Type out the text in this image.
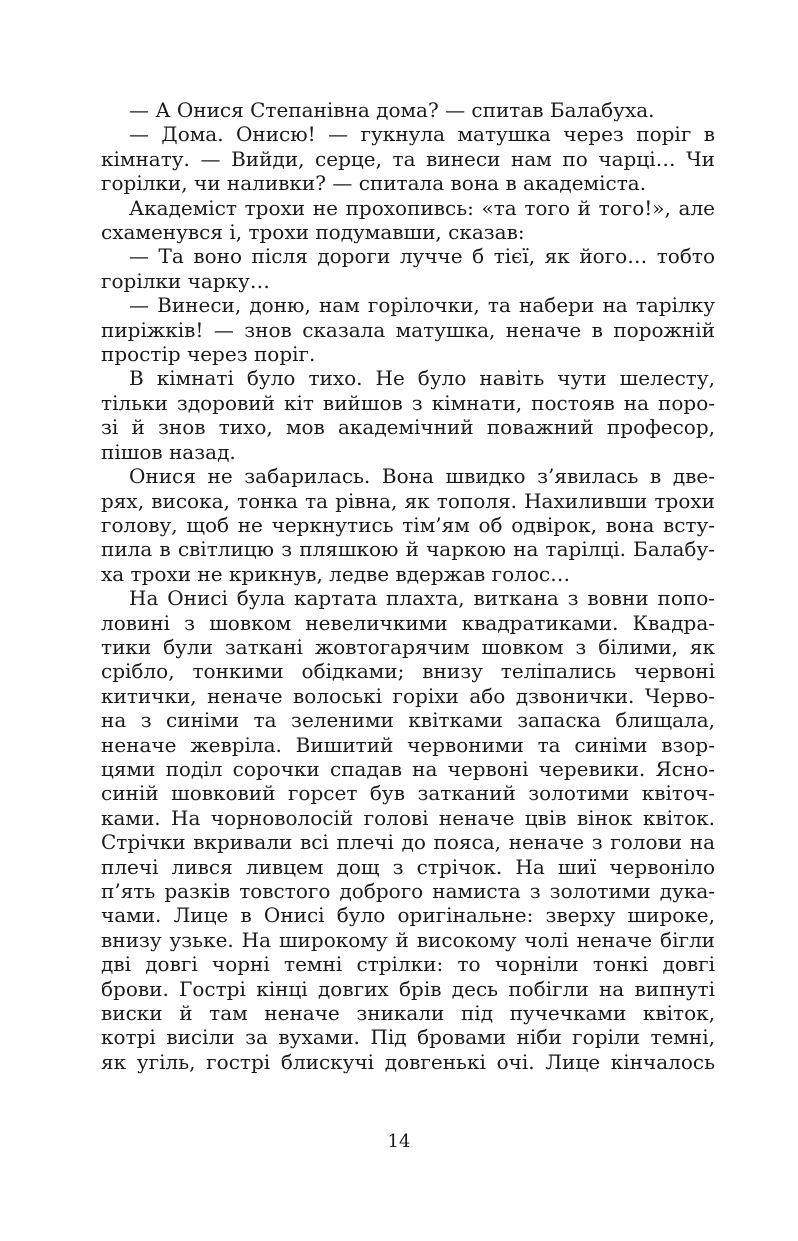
— А Онися Степанівна дома? — спитав Балабуха.
— Дома. Онисю! — гукнула матушка через поріг в
кімнату. — Вийди, серце, та винеси нам по чарці… Чи
горілки, чи наливки? — спитала вона в академіста.
Академіст трохи не прохопивсь: «та того й того!», але
схаменувся і, трохи подумавши, сказав:
— Та воно після дороги лучче б тієї, як його… тобто
горілки чарку…
— Винеси, доню, нам горілочки, та набери на тарілку
пиріжків! — знов сказала матушка, неначе в порожній
простір через поріг.
В кімнаті було тихо. Не було навіть чути шелесту,
тільки здоровий кіт вийшов з кімнати, постояв на поро-
зі й знов тихо, мов академічний поважний професор,
пішов назад.
Онися не забарилась. Вона швидко з’явилась в две-
рях, висока, тонка та рівна, як тополя. Нахиливши трохи
голову, щоб не черкнутись тім’ям об одвірок, вона всту-
пила в світлицю з пляшкою й чаркою на тарілці. Балабу-
ха трохи не крикнув, ледве вдержав голос…
На Онисі була картата плахта, виткана з вовни попо-
ловині з шовком невеличкими квадратиками. Квадра-
тики були заткані жовтогарячим шовком з білими, як
срібло, тонкими обідками; внизу теліпались червоні
китички, неначе волоські горіхи або дзвонички. Черво-
на з синіми та зеленими квітками запаска блищала,
неначе жевріла. Вишитий червоними та синіми взор-
цями поділ сорочки спадав на червоні черевики. Ясно-
синій шовковий горсет був затканий золотими квіточ-
ками. На чорноволосій голові неначе цвів вінок квіток.
Стрічки вкривали всі плечі до пояса, неначе з голови на
плечі лився ливцем дощ з стрічок. На шиї червоніло
п’ять разків товстого доброго намиста з золотими дука-
чами. Лице в Онисі було оригінальне: зверху широке,
внизу узьке. На широкому й високому чолі неначе бігли
дві довгі чорні темні стрілки: то чорніли тонкі довгі
брови. Гострі кінці довгих брів десь побігли на випнуті
виски й там неначе зникали під пучечками квіток,
котрі висіли за вухами. Під бровами ніби горіли темні,
як угіль, гострі блискучі довгенькі очі. Лице кінчалось
14
